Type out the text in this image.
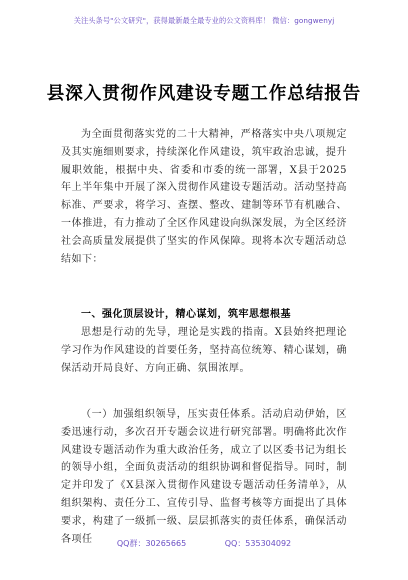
关注头条号"公文研究"，获得最新最全最专业的公文资料库！ 微信：gongwenyj
县深入贯彻作风建设专题工作总结报告
为全面贯彻落实党的二十大精神，严格落实中央八项规定及其实施细则要求，持续深化作风建设，筑牢政治忠诚，提升履职效能，根据中央、省委和市委的统一部署，X县于2025年上半年集中开展了深入贯彻作风建设专题活动。活动坚持高标准、严要求，将学习、查摆、整改、建制等环节有机融合、一体推进，有力推动了全区作风建设向纵深发展，为全区经济社会高质量发展提供了坚实的作风保障。现将本次专题活动总结如下：
一、强化顶层设计，精心谋划，筑牢思想根基
思想是行动的先导，理论是实践的指南。X县始终把理论学习作为作风建设的首要任务，坚持高位统筹、精心谋划，确保活动开局良好、方向正确、氛围浓厚。
（一）加强组织领导，压实责任体系。活动启动伊始，区委迅速行动，多次召开专题会议进行研究部署。明确将此次作风建设专题活动作为重大政治任务，成立了以区委书记为组长的领导小组，全面负责活动的组织协调和督促指导。同时，制定并印发了《X县深入贯彻作风建设专题活动任务清单》，从组织架构、责任分工、宣传引导、监督考核等方面提出了具体要求，构建了一级抓一级、层层抓落实的责任体系，确保活动各项任	QQ群：30265665	QQ：535304092
